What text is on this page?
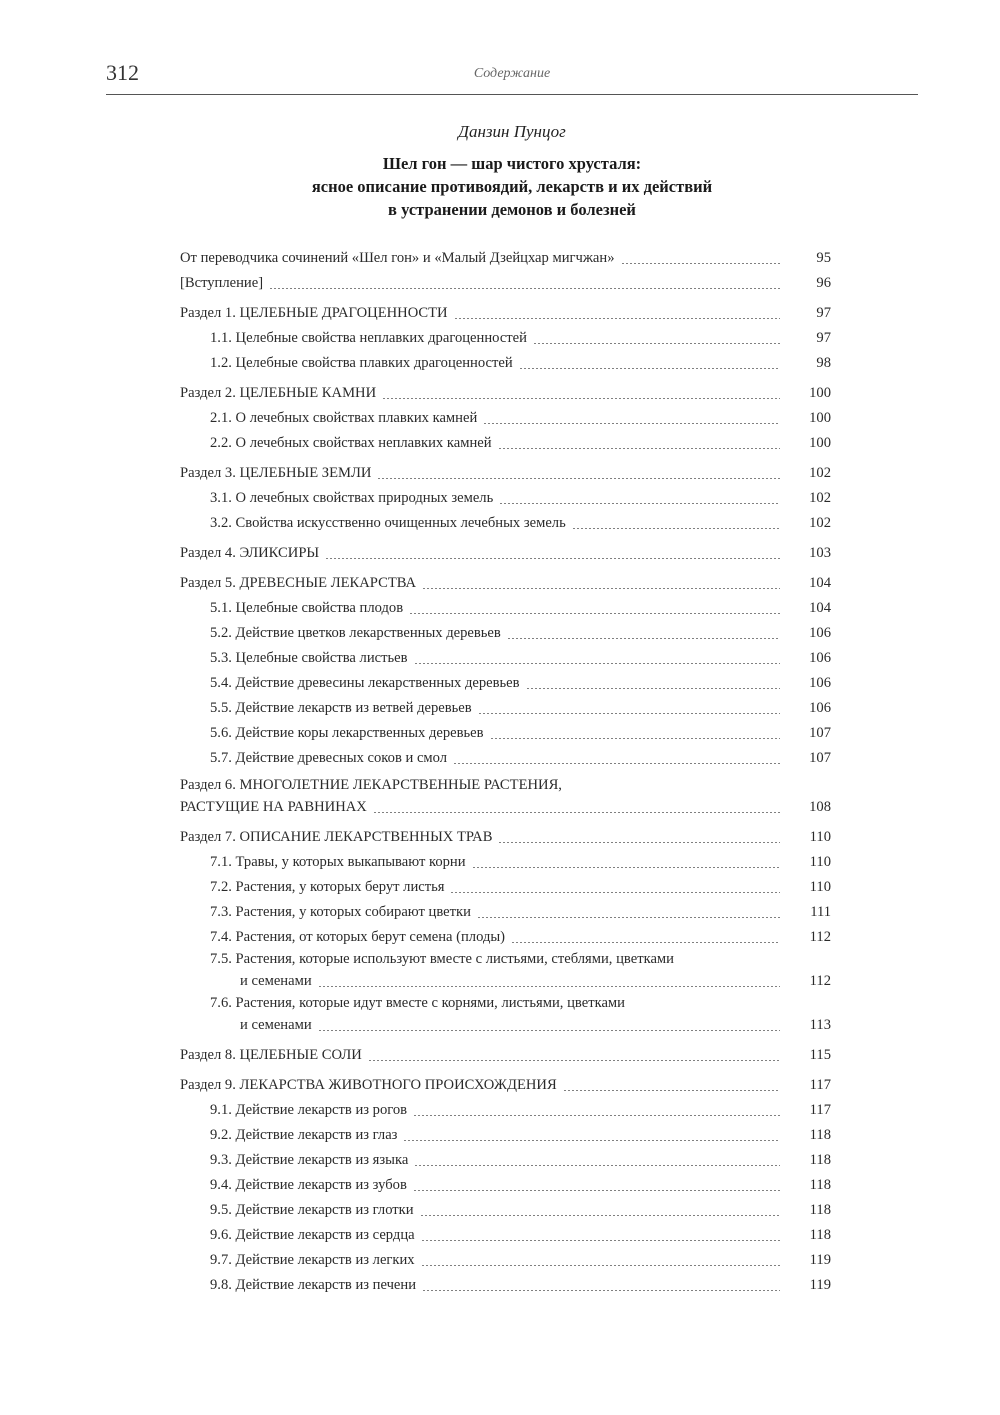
312	Содержание
Данзин Пунцог
Шел гон — шар чистого хрусталя:
ясное описание противоядий, лекарств и их действий
в устранении демонов и болезней
От переводчика сочинений «Шел гон» и «Малый Дзейцхар мигчжан»	95
[Вступление]	96
Раздел 1. ЦЕЛЕБНЫЕ ДРАГОЦЕННОСТИ	97
1.1. Целебные свойства неплавких драгоценностей	97
1.2. Целебные свойства плавких драгоценностей	98
Раздел 2. ЦЕЛЕБНЫЕ КАМНИ	100
2.1. О лечебных свойствах плавких камней	100
2.2. О лечебных свойствах неплавких камней	100
Раздел 3. ЦЕЛЕБНЫЕ ЗЕМЛИ	102
3.1. О лечебных свойствах природных земель	102
3.2. Свойства искусственно очищенных лечебных земель	102
Раздел 4. ЭЛИКСИРЫ	103
Раздел 5. ДРЕВЕСНЫЕ ЛЕКАРСТВА	104
5.1. Целебные свойства плодов	104
5.2. Действие цветков лекарственных деревьев	106
5.3. Целебные свойства листьев	106
5.4. Действие древесины лекарственных деревьев	106
5.5. Действие лекарств из ветвей деревьев	106
5.6. Действие коры лекарственных деревьев	107
5.7. Действие древесных соков и смол	107
Раздел 6. МНОГОЛЕТНИЕ ЛЕКАРСТВЕННЫЕ РАСТЕНИЯ,
РАСТУЩИЕ НА РАВНИНАХ	108
Раздел 7. ОПИСАНИЕ ЛЕКАРСТВЕННЫХ ТРАВ	110
7.1. Травы, у которых выкапывают корни	110
7.2. Растения, у которых берут листья	110
7.3. Растения, у которых собирают цветки	111
7.4. Растения, от которых берут семена (плоды)	112
7.5. Растения, которые используют вместе с листьями, стеблями, цветками
и семенами	112
7.6. Растения, которые идут вместе с корнями, листьями, цветками
и семенами	113
Раздел 8. ЦЕЛЕБНЫЕ СОЛИ	115
Раздел 9. ЛЕКАРСТВА ЖИВОТНОГО ПРОИСХОЖДЕНИЯ	117
9.1. Действие лекарств из рогов	117
9.2. Действие лекарств из глаз	118
9.3. Действие лекарств из языка	118
9.4. Действие лекарств из зубов	118
9.5. Действие лекарств из глотки	118
9.6. Действие лекарств из сердца	118
9.7. Действие лекарств из легких	119
9.8. Действие лекарств из печени	119
